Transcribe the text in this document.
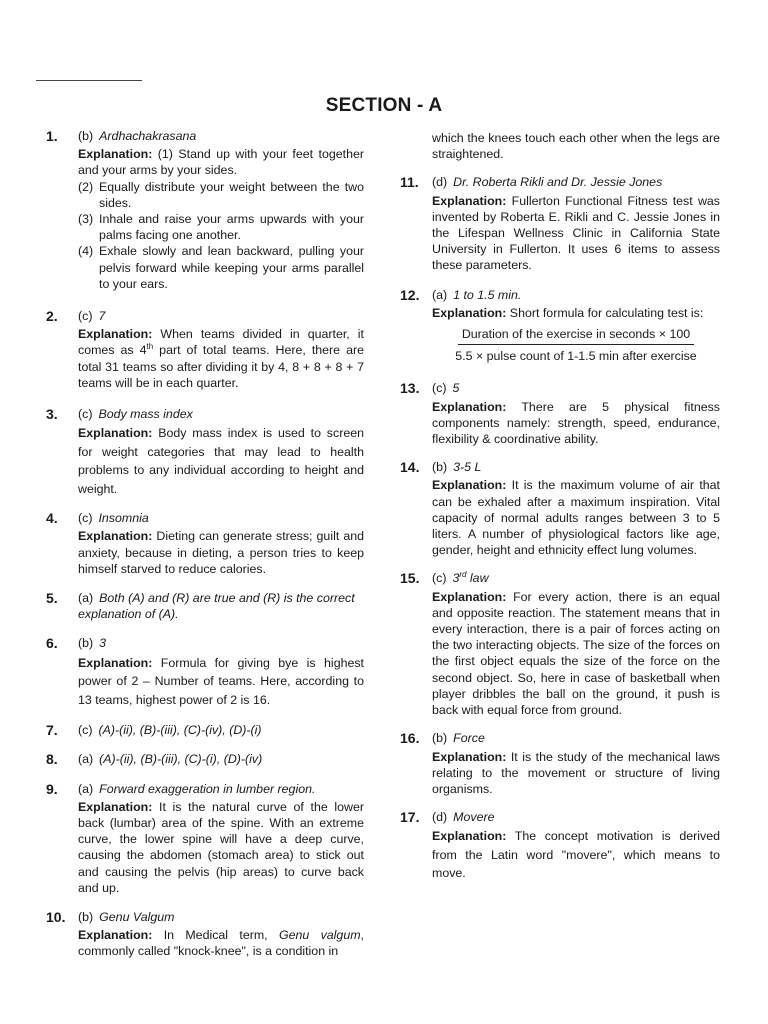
SECTION - A
1. (b) Ardhachakrasana
Explanation: (1) Stand up with your feet together and your arms by your sides.
(2) Equally distribute your weight between the two sides.
(3) Inhale and raise your arms upwards with your palms facing one another.
(4) Exhale slowly and lean backward, pulling your pelvis forward while keeping your arms parallel to your ears.
2. (c) 7
Explanation: When teams divided in quarter, it comes as 4th part of total teams. Here, there are total 31 teams so after dividing it by 4, 8 + 8 + 8 + 7 teams will be in each quarter.
3. (c) Body mass index
Explanation: Body mass index is used to screen for weight categories that may lead to health problems to any individual according to height and weight.
4. (c) Insomnia
Explanation: Dieting can generate stress; guilt and anxiety, because in dieting, a person tries to keep himself starved to reduce calories.
5. (a) Both (A) and (R) are true and (R) is the correct explanation of (A).
6. (b) 3
Explanation: Formula for giving bye is highest power of 2 – Number of teams. Here, according to 13 teams, highest power of 2 is 16.
7. (c) (A)-(ii), (B)-(iii), (C)-(iv), (D)-(i)
8. (a) (A)-(ii), (B)-(iii), (C)-(i), (D)-(iv)
9. (a) Forward exaggeration in lumber region.
Explanation: It is the natural curve of the lower back (lumbar) area of the spine. With an extreme curve, the lower spine will have a deep curve, causing the abdomen (stomach area) to stick out and causing the pelvis (hip areas) to curve back and up.
10. (b) Genu Valgum
Explanation: In Medical term, Genu valgum, commonly called "knock-knee", is a condition in
which the knees touch each other when the legs are straightened.
11. (d) Dr. Roberta Rikli and Dr. Jessie Jones
Explanation: Fullerton Functional Fitness test was invented by Roberta E. Rikli and C. Jessie Jones in the Lifespan Wellness Clinic in California State University in Fullerton. It uses 6 items to assess these parameters.
12. (a) 1 to 1.5 min.
Explanation: Short formula for calculating test is:
Duration of the exercise in seconds × 100
5.5 × pulse count of 1-1.5 min after exercise
13. (c) 5
Explanation: There are 5 physical fitness components namely: strength, speed, endurance, flexibility & coordinative ability.
14. (b) 3-5 L
Explanation: It is the maximum volume of air that can be exhaled after a maximum inspiration. Vital capacity of normal adults ranges between 3 to 5 liters. A number of physiological factors like age, gender, height and ethnicity effect lung volumes.
15. (c) 3rd law
Explanation: For every action, there is an equal and opposite reaction. The statement means that in every interaction, there is a pair of forces acting on the two interacting objects. The size of the forces on the first object equals the size of the force on the second object. So, here in case of basketball when player dribbles the ball on the ground, it push is back with equal force from ground.
16. (b) Force
Explanation: It is the study of the mechanical laws relating to the movement or structure of living organisms.
17. (d) Movere
Explanation: The concept motivation is derived from the Latin word "movere", which means to move.
